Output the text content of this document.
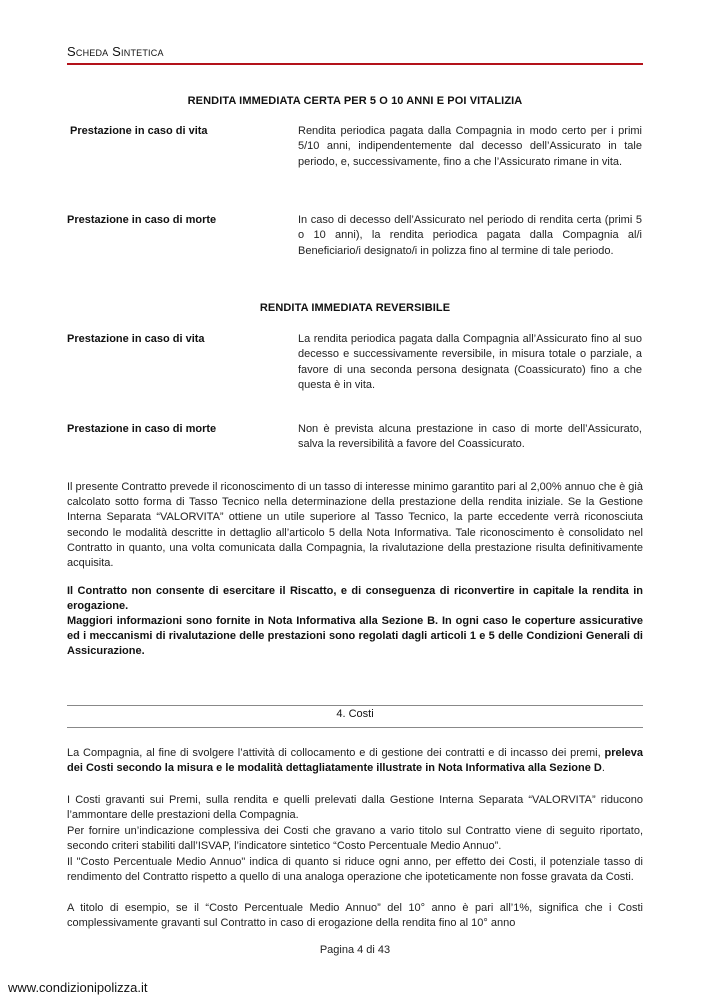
Scheda Sintetica
RENDITA IMMEDIATA CERTA PER 5 O 10 ANNI E POI VITALIZIA
Prestazione in caso di vita	Rendita periodica pagata dalla Compagnia in modo certo per i primi 5/10 anni, indipendentemente dal decesso dell’Assicurato in tale periodo, e, successivamente, fino a che l’Assicurato rimane in vita.
Prestazione in caso di morte	In caso di decesso dell’Assicurato nel periodo di rendita certa (primi 5 o 10 anni), la rendita periodica pagata dalla Compagnia al/i Beneficiario/i designato/i in polizza fino al termine di tale periodo.
RENDITA IMMEDIATA REVERSIBILE
Prestazione in caso di vita	La rendita periodica pagata dalla Compagnia all’Assicurato fino al suo decesso e successivamente reversibile, in misura totale o parziale, a favore di una seconda persona designata (Coassicurato) fino a che questa è in vita.
Prestazione in caso di morte	Non è prevista alcuna prestazione in caso di morte dell’Assicurato, salva la reversibilità a favore del Coassicurato.

Il presente Contratto prevede il riconoscimento di un tasso di interesse minimo garantito pari al 2,00% annuo che è già calcolato sotto forma di Tasso Tecnico nella determinazione della prestazione della rendita iniziale. Se la Gestione Interna Separata “VALORVITA” ottiene un utile superiore al Tasso Tecnico, la parte eccedente verrà riconosciuta secondo le modalità descritte in dettaglio all’articolo 5 della Nota Informativa. Tale riconoscimento è consolidato nel Contratto in quanto, una volta comunicata dalla Compagnia, la rivalutazione della prestazione risulta definitivamente acquisita.

Il Contratto non consente di esercitare il Riscatto, e di conseguenza di riconvertire in capitale la rendita in erogazione.

Maggiori informazioni sono fornite in Nota Informativa alla Sezione B. In ogni caso le coperture assicurative ed i meccanismi di rivalutazione delle prestazioni sono regolati dagli articoli 1 e 5 delle Condizioni Generali di Assicurazione.

4. Costi

La Compagnia, al fine di svolgere l’attività di collocamento e di gestione dei contratti e di incasso dei premi, preleva dei Costi secondo la misura e le modalità dettagliatamente illustrate in Nota Informativa alla Sezione D.

I Costi gravanti sui Premi, sulla rendita e quelli prelevati dalla Gestione Interna Separata “VALORVITA” riducono l’ammontare delle prestazioni della Compagnia.

Per fornire un’indicazione complessiva dei Costi che gravano a vario titolo sul Contratto viene di seguito riportato, secondo criteri stabiliti dall’ISVAP, l’indicatore sintetico “Costo Percentuale Medio Annuo”.

Il "Costo Percentuale Medio Annuo" indica di quanto si riduce ogni anno, per effetto dei Costi, il potenziale tasso di rendimento del Contratto rispetto a quello di una analoga operazione che ipoteticamente non fosse gravata da Costi.

A titolo di esempio, se il “Costo Percentuale Medio Annuo” del 10° anno è pari all’1%, significa che i Costi complessivamente gravanti sul Contratto in caso di erogazione della rendita fino al 10° anno

Pagina 4 di 43
www.condizionipolizza.it
